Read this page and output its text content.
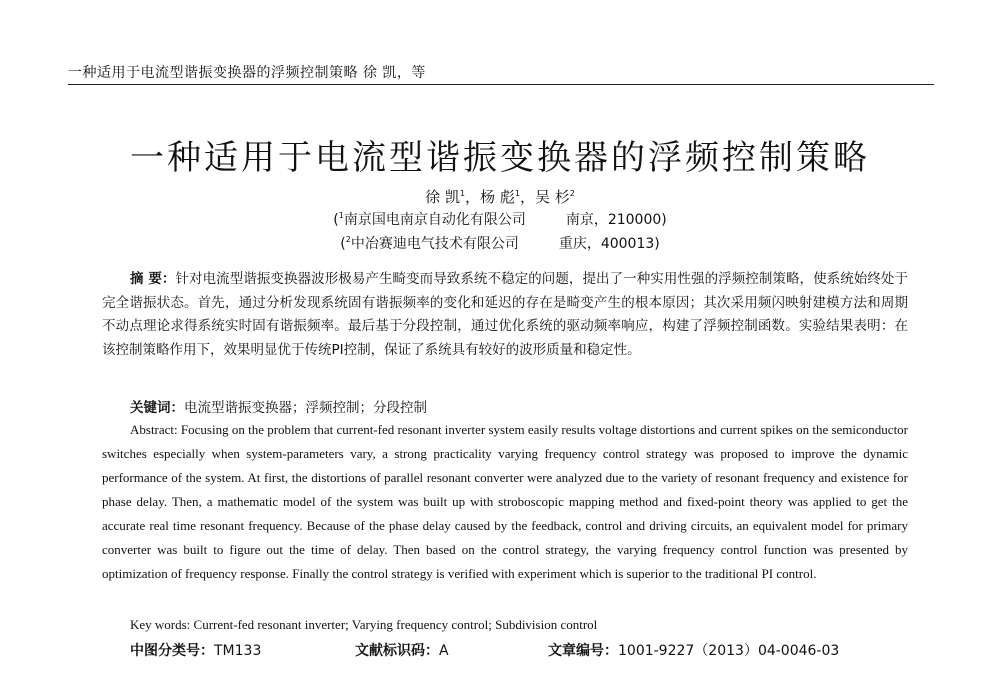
一种适用于电流型谐振变换器的浮频控制策略 徐 凯，等
一种适用于电流型谐振变换器的浮频控制策略
徐 凯$^1$，杨 彪$^1$，吴 杉$^2$
($^1$南京国电南京自动化有限公司	南京，210000)
($^2$中冶赛迪电气技术有限公司	重庆，400013)

摘 要：针对电流型谐振变换器波形极易产生畸变而导致系统不稳定的问题，提出了一种实用性强的浮频控制策略，使系统始终处于完全谐振状态。首先，通过分析发现系统固有谐振频率的变化和延迟的存在是畸变产生的根本原因；其次采用频闪映射建模方法和周期不动点理论求得系统实时固有谐振频率。最后基于分段控制，通过优化系统的驱动频率响应，构建了浮频控制函数。实验结果表明：在该控制策略作用下，效果明显优于传统PI控制，保证了系统具有较好的波形质量和稳定性。

关键词：电流型谐振变换器；浮频控制；分段控制

Abstract: Focusing on the problem that current-fed resonant inverter system easily results voltage distortions and current spikes on the semiconductor switches especially when system-parameters vary, a strong practicality varying frequency control strategy was proposed to improve the dynamic performance of the system. At first, the distortions of parallel resonant converter were analyzed due to the variety of resonant frequency and existence for phase delay. Then, a mathematic model of the system was built up with stroboscopic mapping method and fixed-point theory was applied to get the accurate real time resonant frequency. Because of the phase delay caused by the feedback, control and driving circuits, an equivalent model for primary converter was built to figure out the time of delay. Then based on the control strategy, the varying frequency control function was presented by optimization of frequency response. Finally the control strategy is verified with experiment which is superior to the traditional PI control.

Key words: Current-fed resonant inverter; Varying frequency control; Subdivision control
中图分类号：TM133	文献标识码：A	文章编号：1001-9227（2013）04-0046-03
